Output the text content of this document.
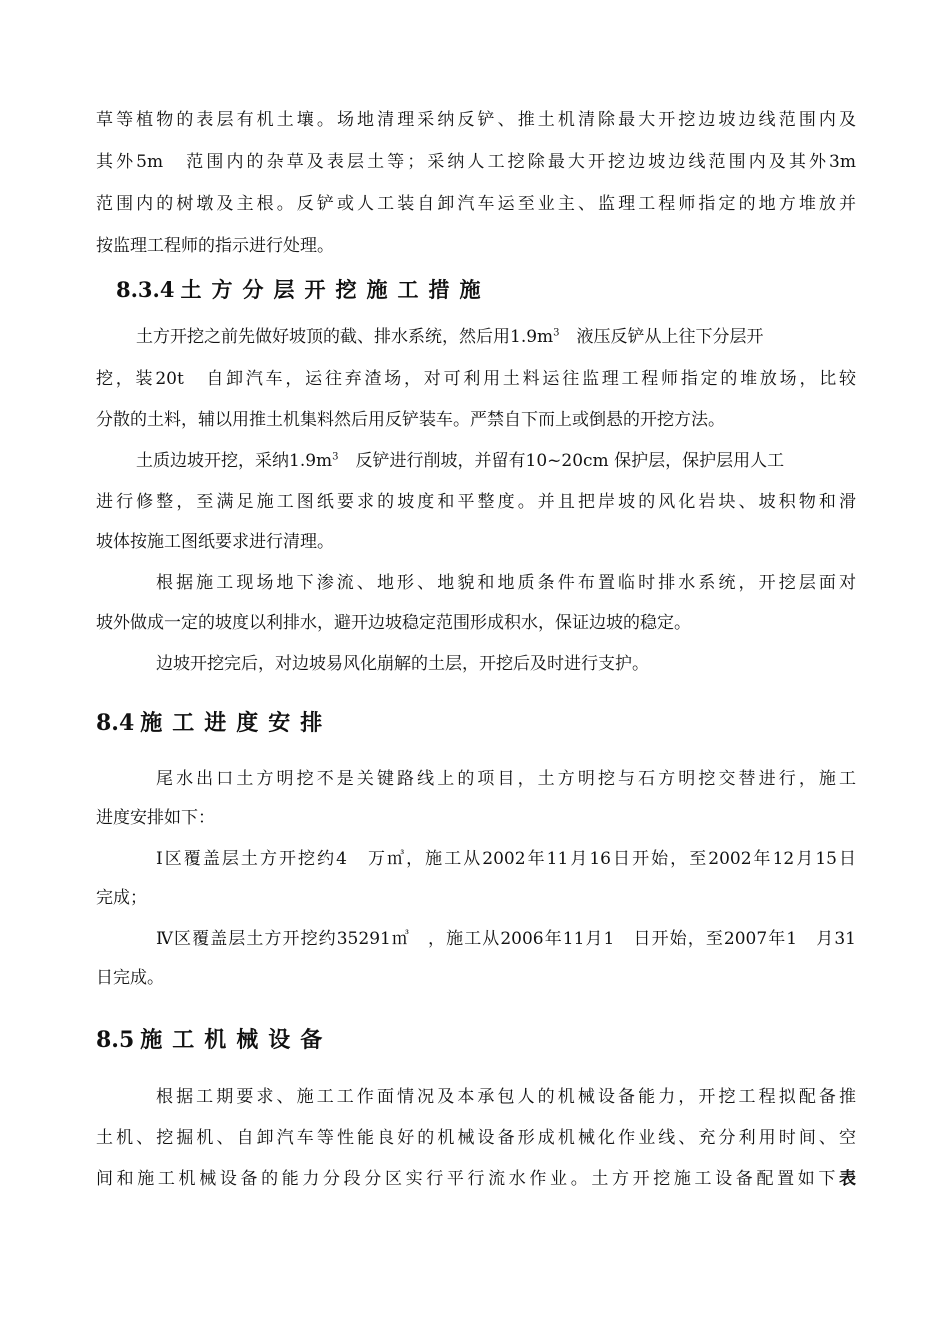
草等植物的表层有机土壤。场地清理采纳反铲、推土机清除最大开挖边坡边线范围内及
其外5m　范围内的杂草及表层土等；采纳人工挖除最大开挖边坡边线范围内及其外3m
范围内的树墩及主根。反铲或人工装自卸汽车运至业主、监理工程师指定的地方堆放并
按监理工程师的指示进行处理。
8.3.4 土方分层开挖施工措施
土方开挖之前先做好坡顶的截、排水系统，然后用$1.9m^3$　液压反铲从上往下分层开
挖，装20t　自卸汽车，运往弃渣场，对可利用土料运往监理工程师指定的堆放场，比较
分散的土料，辅以用推土机集料然后用反铲装车。严禁自下而上或倒悬的开挖方法。
土质边坡开挖，采纳$1.9m^3$　反铲进行削坡，并留有10~20cm 保护层，保护层用人工
进行修整，至满足施工图纸要求的坡度和平整度。并且把岸坡的风化岩块、坡积物和滑
坡体按施工图纸要求进行清理。
根据施工现场地下渗流、地形、地貌和地质条件布置临时排水系统，开挖层面对
坡外做成一定的坡度以利排水，避开边坡稳定范围形成积水，保证边坡的稳定。
边坡开挖完后，对边坡易风化崩解的土层，开挖后及时进行支护。
8.4 施工进度安排
尾水出口土方明挖不是关键路线上的项目，土方明挖与石方明挖交替进行，施工
进度安排如下：
Ⅰ区覆盖层土方开挖约4　万㎥，施工从2002年11月16日开始，至2002年12月15日
完成；
Ⅳ区覆盖层土方开挖约35291㎥　，施工从2006年11月1　日开始，至2007年1　月31
日完成。
8.5 施工机械设备
根据工期要求、施工工作面情况及本承包人的机械设备能力，开挖工程拟配备推
土机、挖掘机、自卸汽车等性能良好的机械设备形成机械化作业线、充分利用时间、空
间和施工机械设备的能力分段分区实行平行流水作业。土方开挖施工设备配置如下表
